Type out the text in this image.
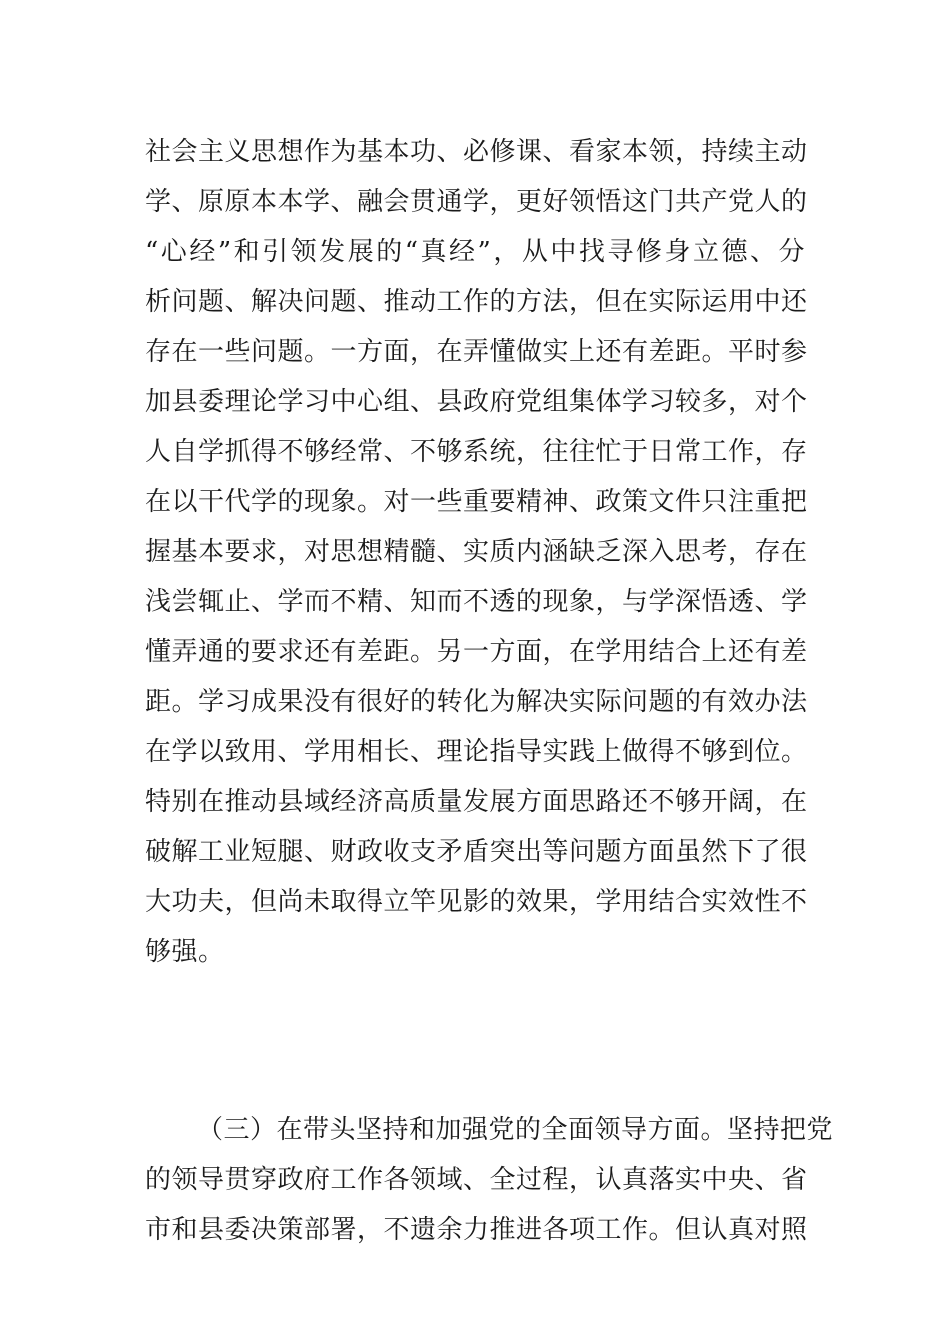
社会主义思想作为基本功、必修课、看家本领，持续主动
学、原原本本学、融会贯通学，更好领悟这门共产党人的
“心经”和引领发展的“真经”，从中找寻修身立德、分
析问题、解决问题、推动工作的方法，但在实际运用中还
存在一些问题。一方面，在弄懂做实上还有差距。平时参
加县委理论学习中心组、县政府党组集体学习较多，对个
人自学抓得不够经常、不够系统，往往忙于日常工作，存
在以干代学的现象。对一些重要精神、政策文件只注重把
握基本要求，对思想精髓、实质内涵缺乏深入思考，存在
浅尝辄止、学而不精、知而不透的现象，与学深悟透、学
懂弄通的要求还有差距。另一方面，在学用结合上还有差
距。学习成果没有很好的转化为解决实际问题的有效办法
在学以致用、学用相长、理论指导实践上做得不够到位。
特别在推动县域经济高质量发展方面思路还不够开阔，在
破解工业短腿、财政收支矛盾突出等问题方面虽然下了很
大功夫，但尚未取得立竿见影的效果，学用结合实效性不
够强。
（三）在带头坚持和加强党的全面领导方面。坚持把党
的领导贯穿政府工作各领域、全过程，认真落实中央、省
市和县委决策部署，不遗余力推进各项工作。但认真对照
